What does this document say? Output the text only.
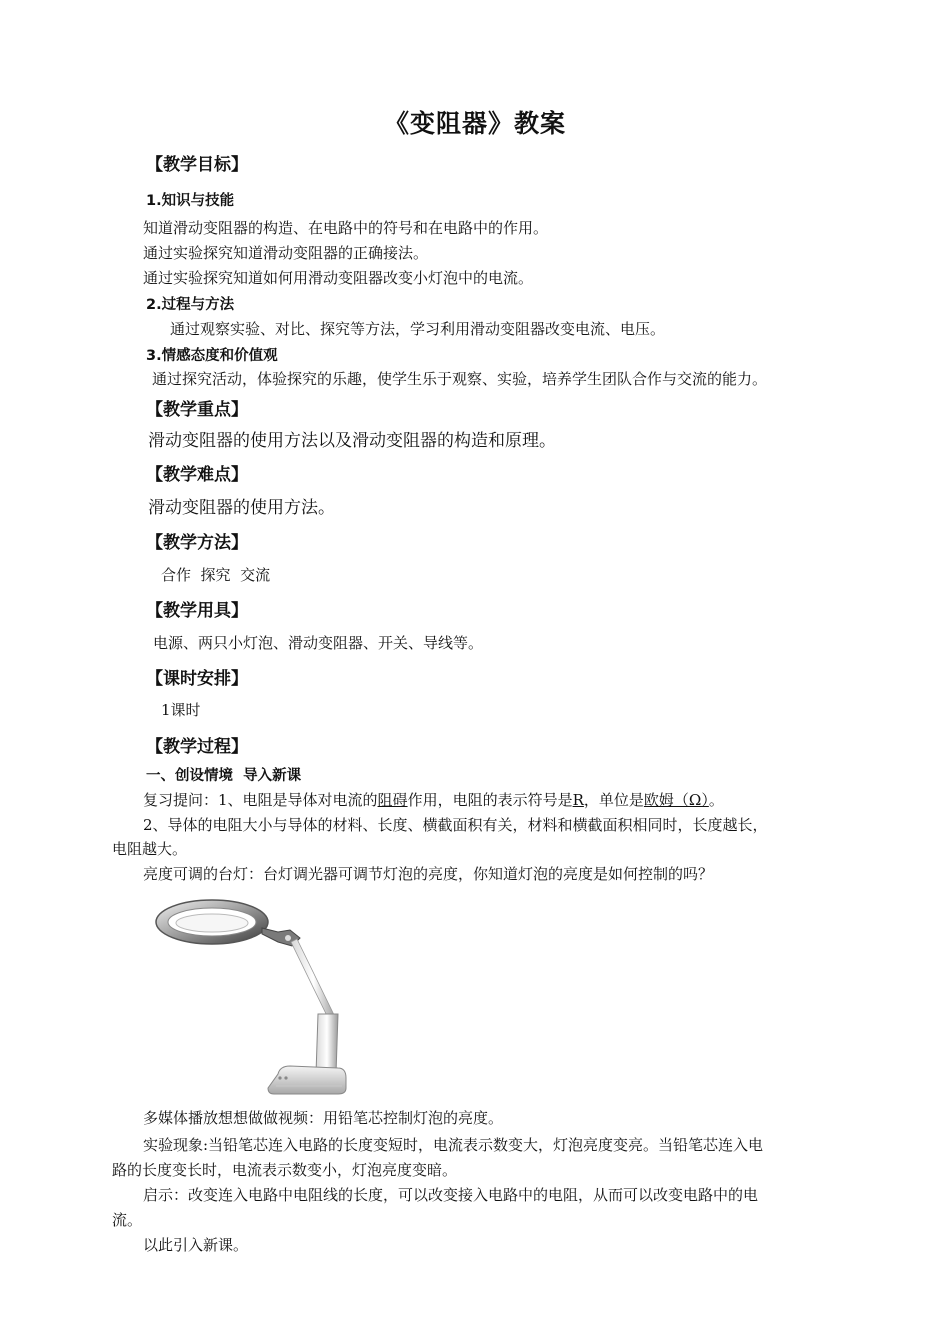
《变阻器》教案
【教学目标】
1.知识与技能
知道滑动变阻器的构造、在电路中的符号和在电路中的作用。
通过实验探究知道滑动变阻器的正确接法。
通过实验探究知道如何用滑动变阻器改变小灯泡中的电流。
2.过程与方法
通过观察实验、对比、探究等方法，学习利用滑动变阻器改变电流、电压。
3.情感态度和价值观
通过探究活动，体验探究的乐趣，使学生乐于观察、实验，培养学生团队合作与交流的能力。
【教学重点】
滑动变阻器的使用方法以及滑动变阻器的构造和原理。
【教学难点】
滑动变阻器的使用方法。
【教学方法】
合作  探究  交流
【教学用具】
电源、两只小灯泡、滑动变阻器、开关、导线等。
【课时安排】
1课时
【教学过程】
一、创设情境  导入新课
复习提问：1、电阻是导体对电流的阻碍作用，电阻的表示符号是R，单位是欧姆（Ω）。
2、导体的电阻大小与导体的材料、长度、横截面积有关，材料和横截面积相同时，长度越长，
电阻越大。
亮度可调的台灯：台灯调光器可调节灯泡的亮度，你知道灯泡的亮度是如何控制的吗？
多媒体播放想想做做视频：用铅笔芯控制灯泡的亮度。
实验现象:当铅笔芯连入电路的长度变短时，电流表示数变大，灯泡亮度变亮。当铅笔芯连入电
路的长度变长时，电流表示数变小，灯泡亮度变暗。
启示：改变连入电路中电阻线的长度，可以改变接入电路中的电阻，从而可以改变电路中的电
流。
以此引入新课。
